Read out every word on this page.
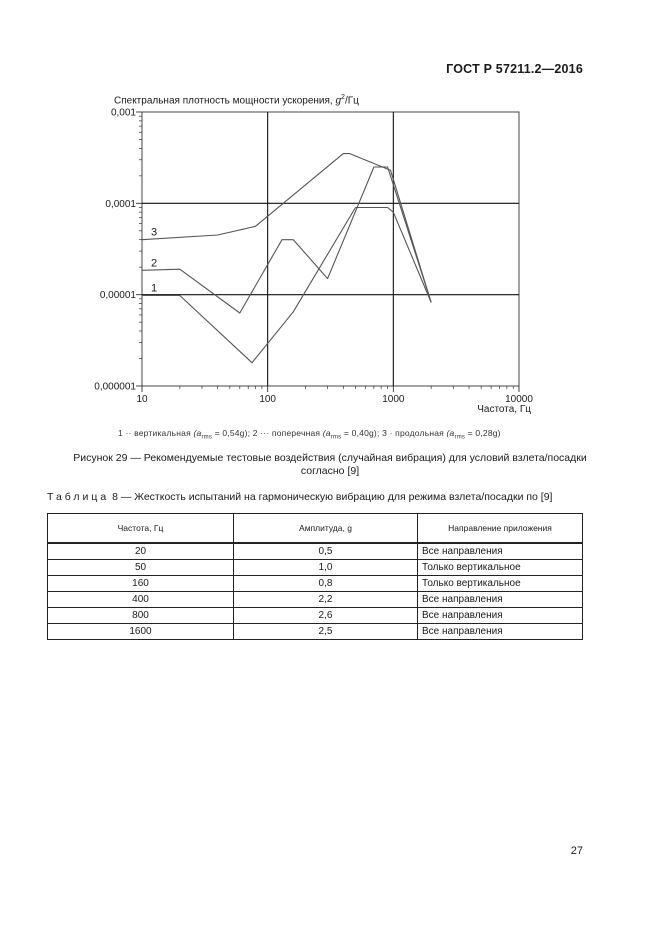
ГОСТ Р 57211.2—2016
Спектральная плотность мощности ускорения, $g^2/Гц$
0,000001
0,00001
0,0001
0,001
10	100	1000	10000
Частота, Гц
1
2
3
1 ·· вертикальная $(a_{rms} = 0,54g)$; 2 ··· поперечная $(a_{rms} = 0,40g)$; 3 · продольная $(a_{rms} = 0,28g)$
Рисунок 29 — Рекомендуемые тестовые воздействия (случайная вибрация) для условий взлета/посадки согласно [9]
Таблица 8 — Жесткость испытаний на гармоническую вибрацию для режима взлета/посадки по [9]
Частота, Гц	Амплитуда, g	Направление приложения
20	0,5	Все направления
50	1,0	Только вертикальное
160	0,8	Только вертикальное
400	2,2	Все направления
800	2,6	Все направления
1600	2,5	Все направления
27
